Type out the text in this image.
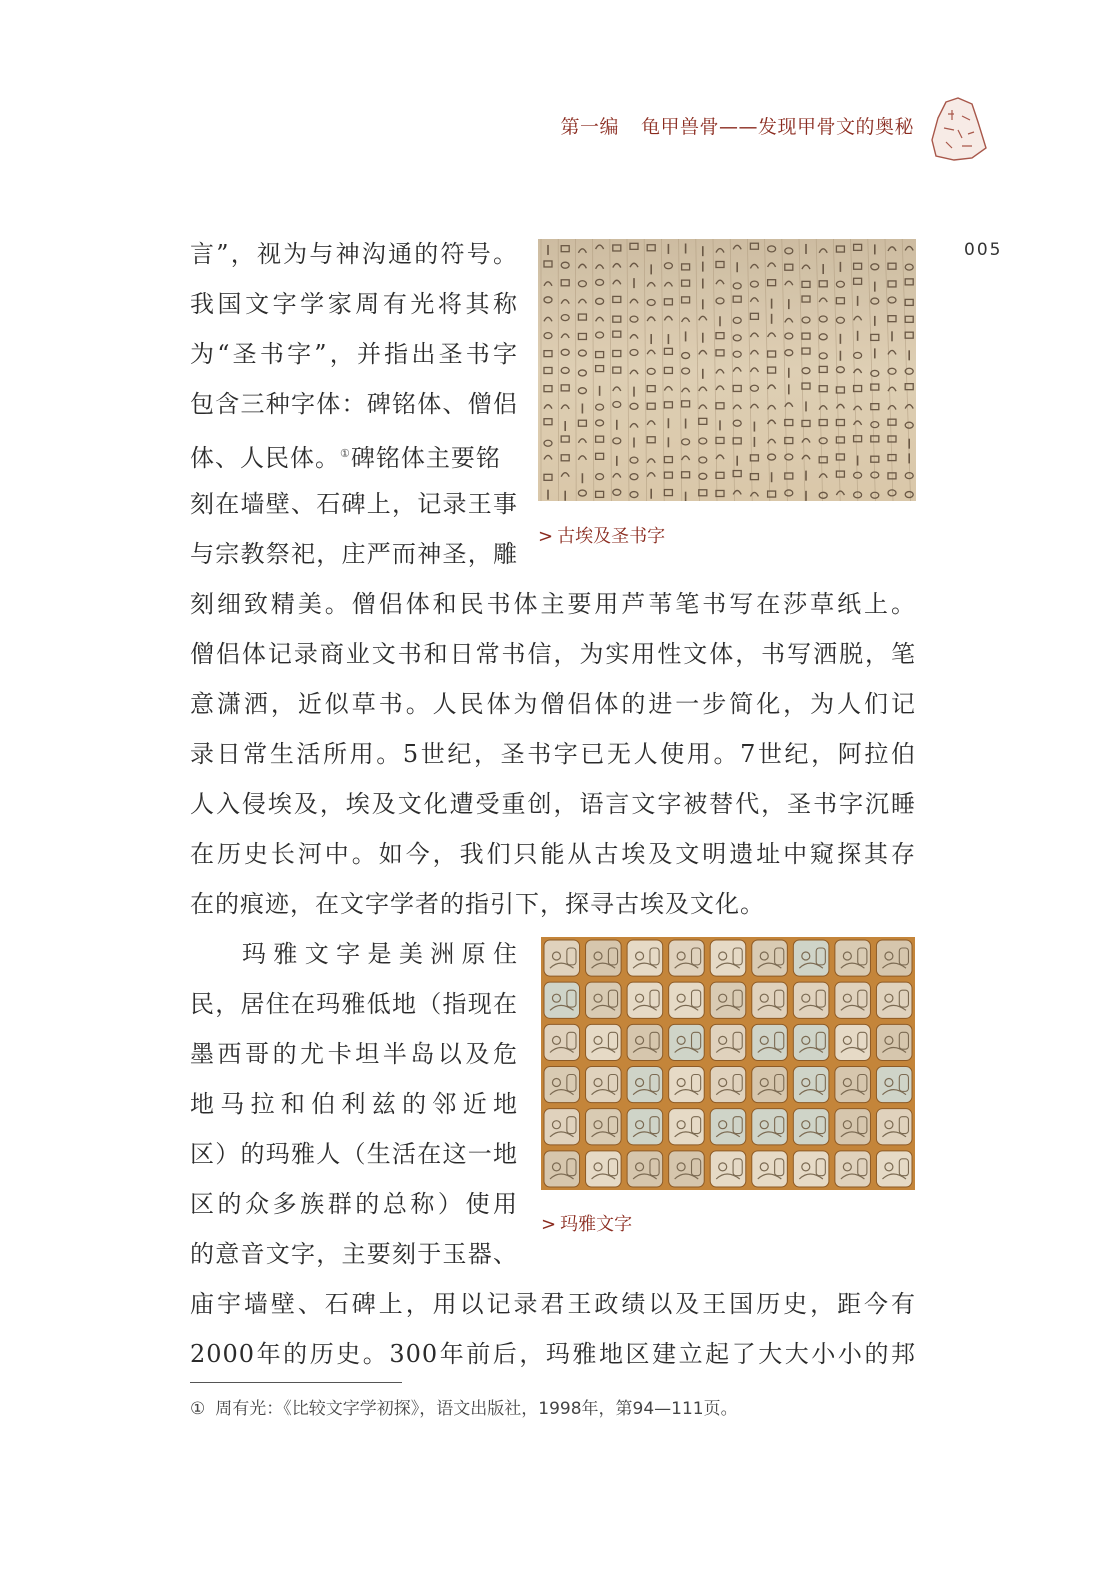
第一编 龟甲兽骨——发现甲骨文的奥秘
005
言”，视为与神沟通的符号。
我国文字学家周有光将其称
为“圣书字”，并指出圣书字
包含三种字体：碑铭体、僧侣
体、人民体。①碑铭体主要铭
刻在墙壁、石碑上，记录王事
与宗教祭祀，庄严而神圣，雕
刻细致精美。僧侣体和民书体主要用芦苇笔书写在莎草纸上。
僧侣体记录商业文书和日常书信，为实用性文体，书写洒脱，笔
意潇洒，近似草书。人民体为僧侣体的进一步简化，为人们记
录日常生活所用。5世纪，圣书字已无人使用。7世纪，阿拉伯
人入侵埃及，埃及文化遭受重创，语言文字被替代，圣书字沉睡
在历史长河中。如今，我们只能从古埃及文明遗址中窥探其存
在的痕迹，在文字学者的指引下，探寻古埃及文化。
> 古埃及圣书字
玛雅文字是美洲原住
民，居住在玛雅低地（指现在
墨西哥的尤卡坦半岛以及危
地马拉和伯利兹的邻近地
区）的玛雅人（生活在这一地
区的众多族群的总称）使用
的意音文字，主要刻于玉器、
庙宇墙壁、石碑上，用以记录君王政绩以及王国历史，距今有
2000年的历史。300年前后，玛雅地区建立起了大大小小的邦
> 玛雅文字
① 周有光：《比较文字学初探》，语文出版社，1998年，第94—111页。
